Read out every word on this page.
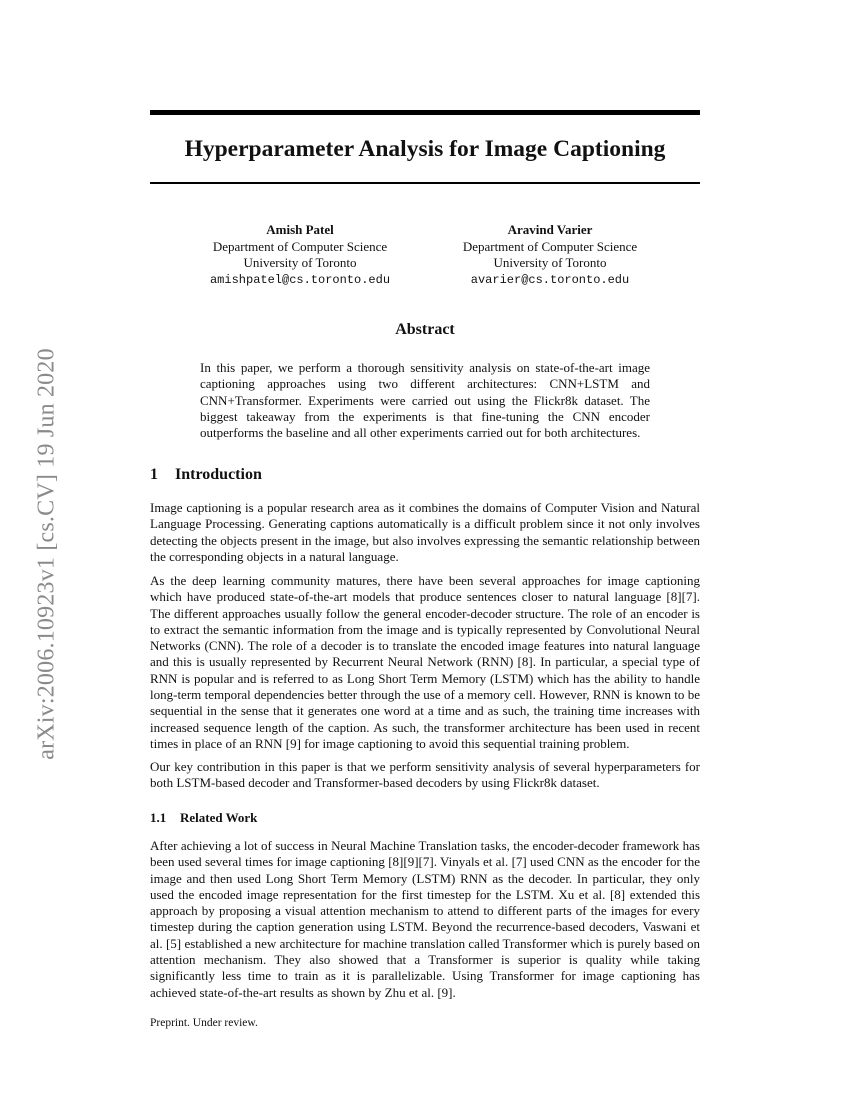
arXiv:2006.10923v1 [cs.CV] 19 Jun 2020
Hyperparameter Analysis for Image Captioning
Amish Patel
Department of Computer Science
University of Toronto
amishpatel@cs.toronto.edu
Aravind Varier
Department of Computer Science
University of Toronto
avarier@cs.toronto.edu
Abstract

In this paper, we perform a thorough sensitivity analysis on state-of-the-art image captioning approaches using two different architectures: CNN+LSTM and CNN+Transformer. Experiments were carried out using the Flickr8k dataset. The biggest takeaway from the experiments is that fine-tuning the CNN encoder outperforms the baseline and all other experiments carried out for both architectures.

1 Introduction

Image captioning is a popular research area as it combines the domains of Computer Vision and Natural Language Processing. Generating captions automatically is a difficult problem since it not only involves detecting the objects present in the image, but also involves expressing the semantic relationship between the corresponding objects in a natural language.

As the deep learning community matures, there have been several approaches for image captioning which have produced state-of-the-art models that produce sentences closer to natural language [8][7]. The different approaches usually follow the general encoder-decoder structure. The role of an encoder is to extract the semantic information from the image and is typically represented by Convolutional Neural Networks (CNN). The role of a decoder is to translate the encoded image features into natural language and this is usually represented by Recurrent Neural Network (RNN) [8]. In particular, a special type of RNN is popular and is referred to as Long Short Term Memory (LSTM) which has the ability to handle long-term temporal dependencies better through the use of a memory cell. However, RNN is known to be sequential in the sense that it generates one word at a time and as such, the training time increases with increased sequence length of the caption. As such, the transformer architecture has been used in recent times in place of an RNN [9] for image captioning to avoid this sequential training problem.

Our key contribution in this paper is that we perform sensitivity analysis of several hyperparameters for both LSTM-based decoder and Transformer-based decoders by using Flickr8k dataset.

1.1 Related Work

After achieving a lot of success in Neural Machine Translation tasks, the encoder-decoder framework has been used several times for image captioning [8][9][7]. Vinyals et al. [7] used CNN as the encoder for the image and then used Long Short Term Memory (LSTM) RNN as the decoder. In particular, they only used the encoded image representation for the first timestep for the LSTM. Xu et al. [8] extended this approach by proposing a visual attention mechanism to attend to different parts of the images for every timestep during the caption generation using LSTM. Beyond the recurrence-based decoders, Vaswani et al. [5] established a new architecture for machine translation called Transformer which is purely based on attention mechanism. They also showed that a Transformer is superior is quality while taking significantly less time to train as it is parallelizable. Using Transformer for image captioning has achieved state-of-the-art results as shown by Zhu et al. [9].

Preprint. Under review.
